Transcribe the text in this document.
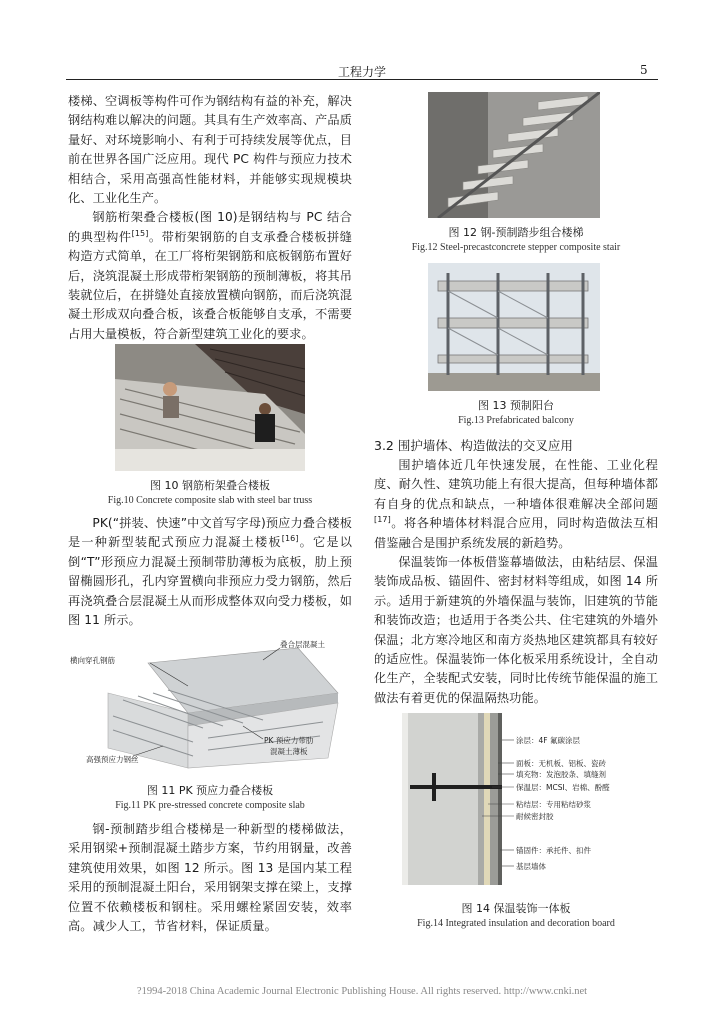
工程力学	5

楼梯、空调板等构件可作为钢结构有益的补充，解决钢结构难以解决的问题。其具有生产效率高、产品质量好、对环境影响小、有利于可持续发展等优点，目前在世界各国广泛应用。现代 PC 构件与预应力技术相结合，采用高强高性能材料，并能够实现规模块化、工业化生产。

钢筋桁架叠合楼板(图 10)是钢结构与 PC 结合的典型构件[15]。带桁架钢筋的自支承叠合楼板拼缝构造方式简单，在工厂将桁架钢筋和底板钢筋布置好后，浇筑混凝土形成带桁架钢筋的预制薄板，将其吊装就位后，在拼缝处直接放置横向钢筋，而后浇筑混凝土形成双向叠合板，该叠合板能够自支承，不需要占用大量模板，符合新型建筑工业化的要求。

图 10 钢筋桁架叠合楼板
Fig.10 Concrete composite slab with steel bar truss

PK(“拼装、快速”中文首写字母)预应力叠合楼板是一种新型装配式预应力混凝土楼板[16]。它是以倒“T”形预应力混凝土预制带肋薄板为底板，肋上预留椭圆形孔，孔内穿置横向非预应力受力钢筋，然后再浇筑叠合层混凝土从而形成整体双向受力楼板，如图 11 所示。

叠合层混凝土
横向穿孔钢筋
PK 预应力带肋
混凝土薄板
高强预应力钢丝
图 11 PK 预应力叠合楼板
Fig.11 PK pre-stressed concrete composite slab

钢-预制踏步组合楼梯是一种新型的楼梯做法，采用钢梁+预制混凝土踏步方案，节约用钢量，改善建筑使用效果，如图 12 所示。图 13 是国内某工程采用的预制混凝土阳台，采用钢架支撑在梁上，支撑位置不依赖楼板和钢柱。采用螺栓紧固安装，效率高。减少人工，节省材料，保证质量。

图 12 钢-预制踏步组合楼梯
Fig.12 Steel-precastconcrete stepper composite stair
图 13 预制阳台
Fig.13 Prefabricated balcony
3.2 围护墙体、构造做法的交叉应用

围护墙体近几年快速发展，在性能、工业化程度、耐久性、建筑功能上有很大提高，但每种墙体都有自身的优点和缺点，一种墙体很难解决全部问题[17]。将各种墙体材料混合应用，同时构造做法互相借鉴融合是围护系统发展的新趋势。

保温装饰一体板借鉴幕墙做法，由粘结层、保温装饰成品板、锚固件、密封材料等组成，如图 14 所示。适用于新建筑的外墙保温与装饰，旧建筑的节能和装饰改造；也适用于各类公共、住宅建筑的外墙外保温；北方寒冷地区和南方炎热地区建筑都具有较好的适应性。保温装饰一体化板采用系统设计，全自动化生产，全装配式安装，同时比传统节能保温的施工做法有着更优的保温隔热功能。

涂层：4F 氟碳涂层
面板：无机板、铝板、瓷砖
填充物：发泡胶条、填缝剂
保温层：MCSI、岩棉、酚醛
粘结层：专用粘结砂浆
耐候密封胶
锚固件：承托件、扣件
基层墙体
图 14 保温装饰一体板
Fig.14 Integrated insulation and decoration board
?1994-2018 China Academic Journal Electronic Publishing House. All rights reserved. http://www.cnki.net
